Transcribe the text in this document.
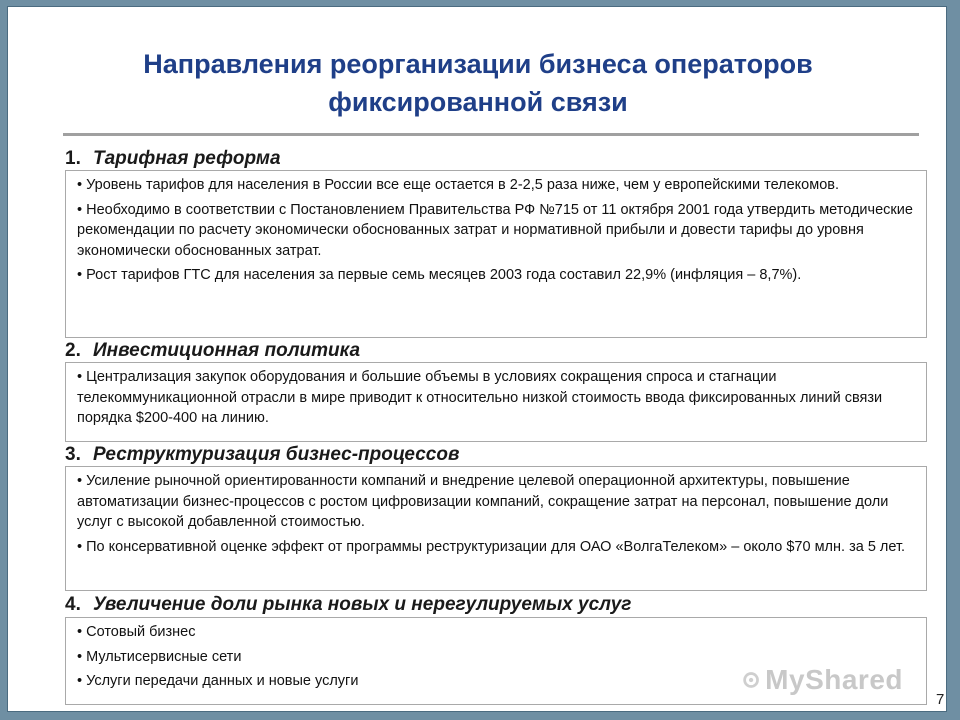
Направления реорганизации бизнеса операторов
фиксированной связи
1. Тарифная реформа
• Уровень тарифов для населения в России все еще остается в 2-2,5 раза ниже, чем у европейскими телекомов.
• Необходимо в соответствии с Постановлением Правительства РФ №715 от 11 октября 2001 года утвердить методические рекомендации по расчету экономически обоснованных затрат и нормативной прибыли и довести тарифы до уровня экономически обоснованных затрат.
• Рост тарифов ГТС для населения за первые семь месяцев 2003 года составил 22,9% (инфляция – 8,7%).
2. Инвестиционная политика
• Централизация закупок оборудования и большие объемы в условиях сокращения спроса и стагнации телекоммуникационной отрасли в мире приводит к относительно низкой стоимость ввода фиксированных линий связи порядка $200-400 на линию.
3. Реструктуризация бизнес-процессов
• Усиление рыночной ориентированности компаний и внедрение целевой операционной архитектуры, повышение автоматизации бизнес-процессов с ростом цифровизации компаний, сокращение затрат на персонал, повышение доли услуг с высокой добавленной стоимостью.
• По консервативной оценке эффект от программы реструктуризации для ОАО «ВолгаТелеком» – около $70 млн. за 5 лет.
4. Увеличение доли рынка новых и нерегулируемых услуг
• Сотовый бизнес
• Мультисервисные сети
• Услуги передачи данных и новые услуги	MyShared
7
